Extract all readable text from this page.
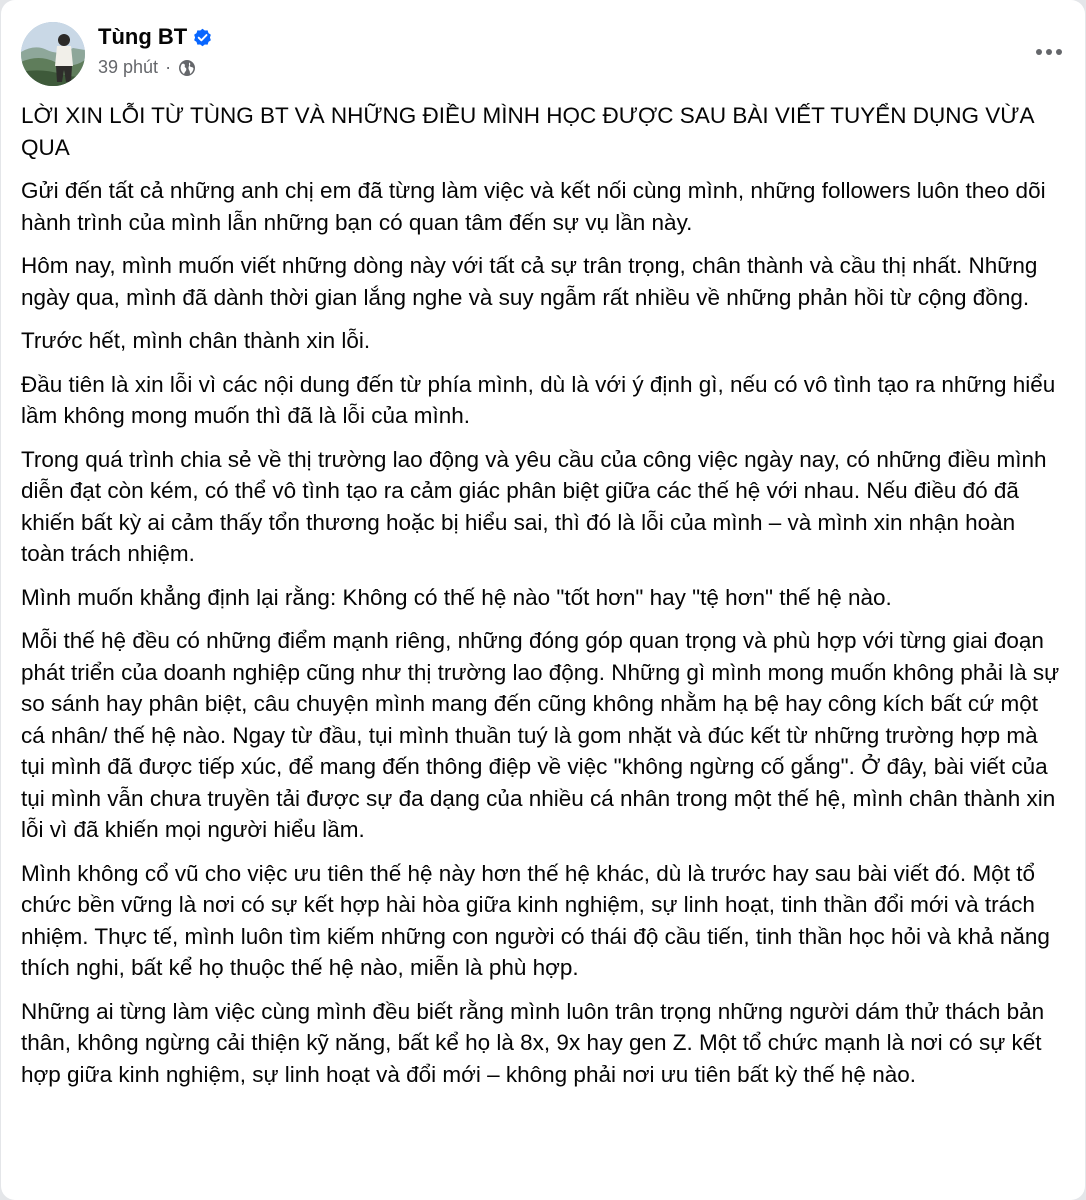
Tùng BT
39 phút ·

LỜI XIN LỖI TỪ TÙNG BT VÀ NHỮNG ĐIỀU MÌNH HỌC ĐƯỢC SAU BÀI VIẾT TUYỂN DỤNG VỪA QUA

Gửi đến tất cả những anh chị em đã từng làm việc và kết nối cùng mình, những followers luôn theo dõi hành trình của mình lẫn những bạn có quan tâm đến sự vụ lần này.

Hôm nay, mình muốn viết những dòng này với tất cả sự trân trọng, chân thành và cầu thị nhất. Những ngày qua, mình đã dành thời gian lắng nghe và suy ngẫm rất nhiều về những phản hồi từ cộng đồng.

Trước hết, mình chân thành xin lỗi.

Đầu tiên là xin lỗi vì các nội dung đến từ phía mình, dù là với ý định gì, nếu có vô tình tạo ra những hiểu lầm không mong muốn thì đã là lỗi của mình.

Trong quá trình chia sẻ về thị trường lao động và yêu cầu của công việc ngày nay, có những điều mình diễn đạt còn kém, có thể vô tình tạo ra cảm giác phân biệt giữa các thế hệ với nhau. Nếu điều đó đã khiến bất kỳ ai cảm thấy tổn thương hoặc bị hiểu sai, thì đó là lỗi của mình – và mình xin nhận hoàn toàn trách nhiệm.

Mình muốn khẳng định lại rằng: Không có thế hệ nào "tốt hơn" hay "tệ hơn" thế hệ nào.

Mỗi thế hệ đều có những điểm mạnh riêng, những đóng góp quan trọng và phù hợp với từng giai đoạn phát triển của doanh nghiệp cũng như thị trường lao động. Những gì mình mong muốn không phải là sự so sánh hay phân biệt, câu chuyện mình mang đến cũng không nhằm hạ bệ hay công kích bất cứ một cá nhân/ thế hệ nào. Ngay từ đầu, tụi mình thuần tuý là gom nhặt và đúc kết từ những trường hợp mà tụi mình đã được tiếp xúc, để mang đến thông điệp về việc "không ngừng cố gắng". Ở đây, bài viết của tụi mình vẫn chưa truyền tải được sự đa dạng của nhiều cá nhân trong một thế hệ, mình chân thành xin lỗi vì đã khiến mọi người hiểu lầm.

Mình không cổ vũ cho việc ưu tiên thế hệ này hơn thế hệ khác, dù là trước hay sau bài viết đó. Một tổ chức bền vững là nơi có sự kết hợp hài hòa giữa kinh nghiệm, sự linh hoạt, tinh thần đổi mới và trách nhiệm. Thực tế, mình luôn tìm kiếm những con người có thái độ cầu tiến, tinh thần học hỏi và khả năng thích nghi, bất kể họ thuộc thế hệ nào, miễn là phù hợp.

Những ai từng làm việc cùng mình đều biết rằng mình luôn trân trọng những người dám thử thách bản thân, không ngừng cải thiện kỹ năng, bất kể họ là 8x, 9x hay gen Z. Một tổ chức mạnh là nơi có sự kết hợp giữa kinh nghiệm, sự linh hoạt và đổi mới – không phải nơi ưu tiên bất kỳ thế hệ nào.
